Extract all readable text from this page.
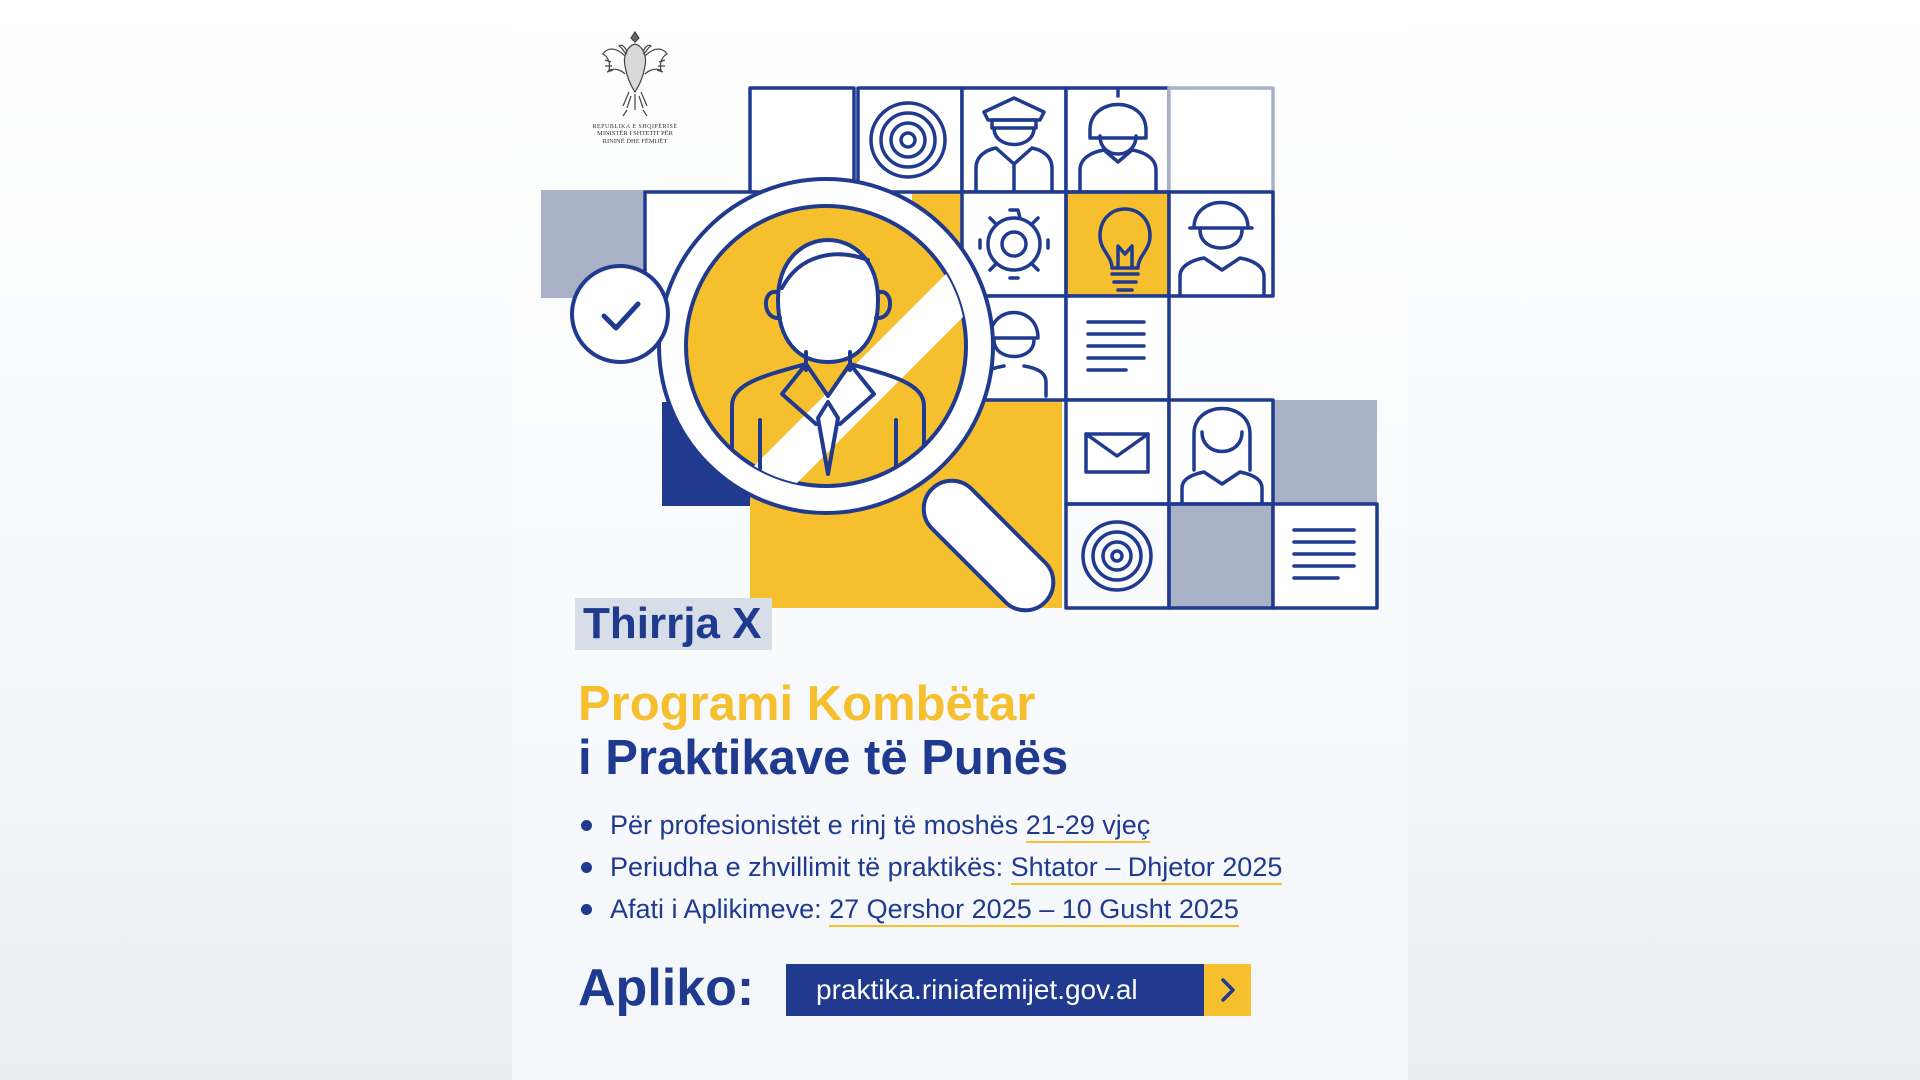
REPUBLIKA E SHQIPËRISË
MINISTËR I SHTETIT PËR
RININË DHE FËMIJËT
Thirrja X
Programi Kombëtar
i Praktikave të Punës
Për profesionistët e rinj të moshës 21-29 vjeç
Periudha e zhvillimit të praktikës: Shtator – Dhjetor 2025
Afati i Aplikimeve: 27 Qershor 2025 – 10 Gusht 2025
Apliko:	praktika.riniafemijet.gov.al
